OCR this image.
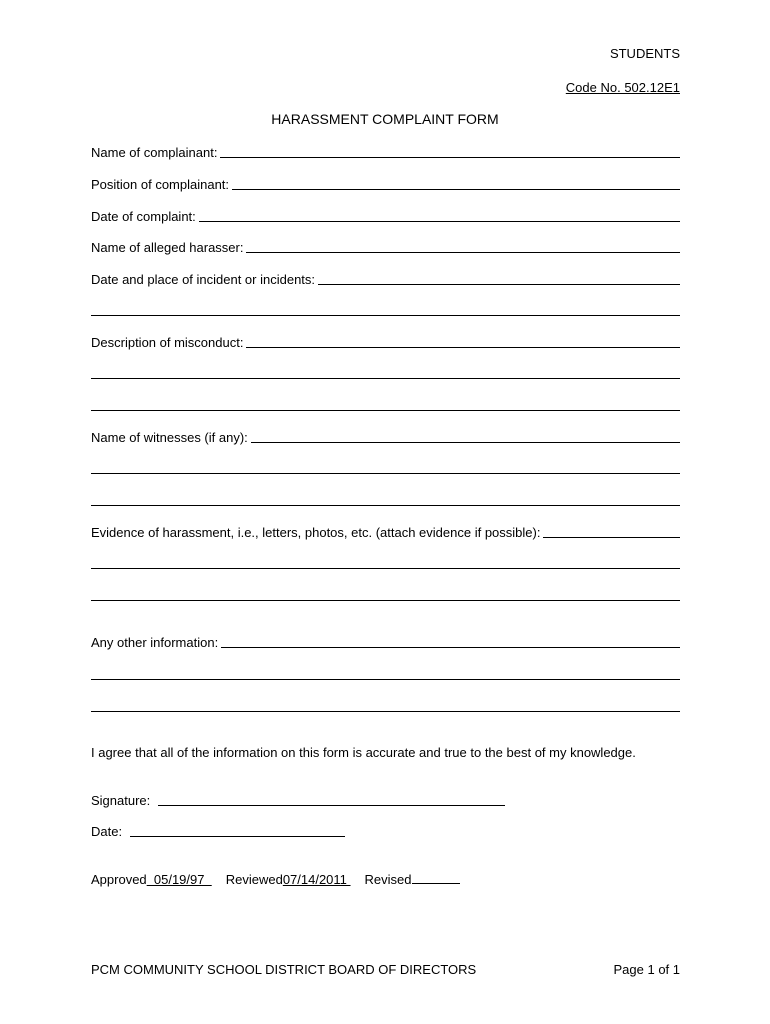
STUDENTS
Code No. 502.12E1
HARASSMENT COMPLAINT FORM
Name of complainant:
Position of complainant:
Date of complaint:
Name of alleged harasser:
Date and place of incident or incidents:
Description of misconduct:
Name of witnesses (if any):
Evidence of harassment, i.e., letters, photos, etc. (attach evidence if possible):
Any other information:
I agree that all of the information on this form is accurate and true to the best of my knowledge.
Signature:
Date:
Approved  05/19/97  Reviewed07/14/2011 Revised
PCM COMMUNITY SCHOOL DISTRICT BOARD OF DIRECTORS	Page 1 of 1
